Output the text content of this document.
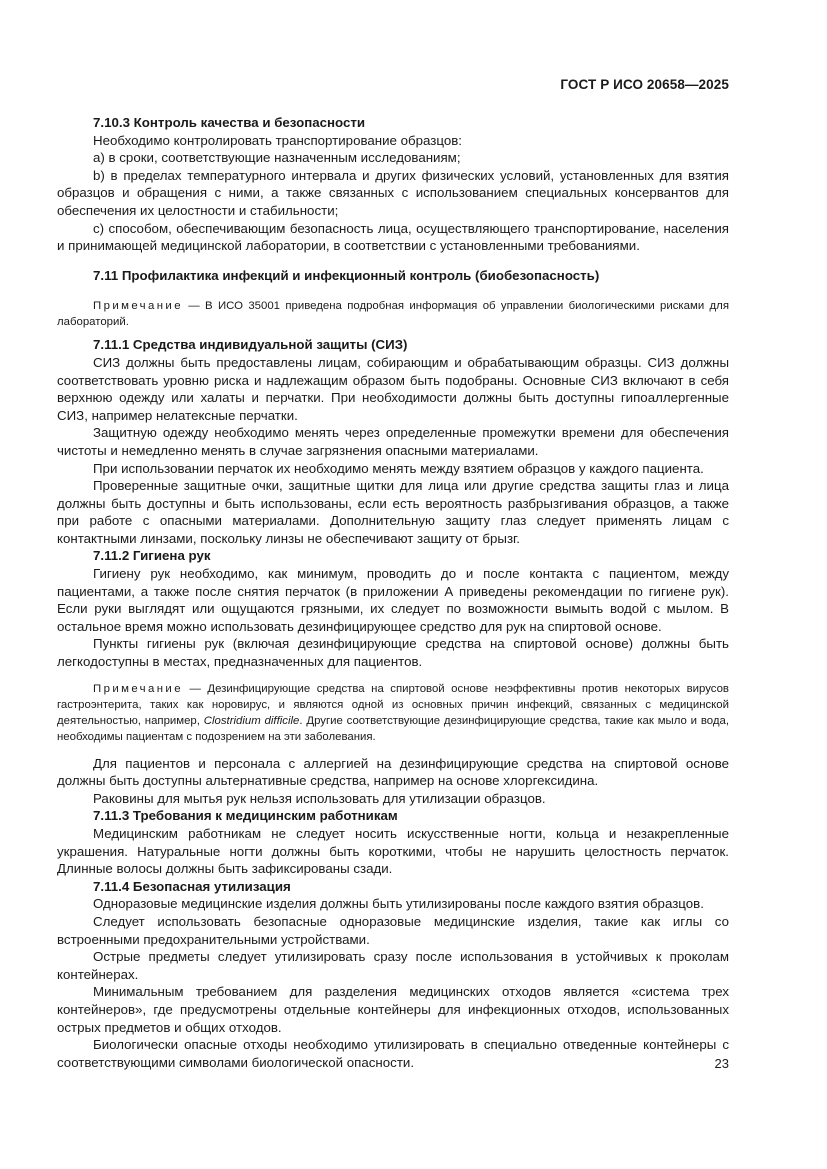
ГОСТ Р ИСО 20658—2025

7.10.3 Контроль качества и безопасности

Необходимо контролировать транспортирование образцов:

a) в сроки, соответствующие назначенным исследованиям;

b) в пределах температурного интервала и других физических условий, установленных для взятия образцов и обращения с ними, а также связанных с использованием специальных консервантов для обеспечения их целостности и стабильности;

c) способом, обеспечивающим безопасность лица, осуществляющего транспортирование, населения и принимающей медицинской лаборатории, в соответствии с установленными требованиями.

7.11 Профилактика инфекций и инфекционный контроль (биобезопасность)

Примечание — В ИСО 35001 приведена подробная информация об управлении биологическими рисками для лабораторий.

7.11.1 Средства индивидуальной защиты (СИЗ)

СИЗ должны быть предоставлены лицам, собирающим и обрабатывающим образцы. СИЗ должны соответствовать уровню риска и надлежащим образом быть подобраны. Основные СИЗ включают в себя верхнюю одежду или халаты и перчатки. При необходимости должны быть доступны гипоаллергенные СИЗ, например нелатексные перчатки.

Защитную одежду необходимо менять через определенные промежутки времени для обеспечения чистоты и немедленно менять в случае загрязнения опасными материалами.

При использовании перчаток их необходимо менять между взятием образцов у каждого пациента.

Проверенные защитные очки, защитные щитки для лица или другие средства защиты глаз и лица должны быть доступны и быть использованы, если есть вероятность разбрызгивания образцов, а также при работе с опасными материалами. Дополнительную защиту глаз следует применять лицам с контактными линзами, поскольку линзы не обеспечивают защиту от брызг.

7.11.2 Гигиена рук

Гигиену рук необходимо, как минимум, проводить до и после контакта с пациентом, между пациентами, а также после снятия перчаток (в приложении А приведены рекомендации по гигиене рук). Если руки выглядят или ощущаются грязными, их следует по возможности вымыть водой с мылом. В остальное время можно использовать дезинфицирующее средство для рук на спиртовой основе.

Пункты гигиены рук (включая дезинфицирующие средства на спиртовой основе) должны быть легкодоступны в местах, предназначенных для пациентов.

Примечание — Дезинфицирующие средства на спиртовой основе неэффективны против некоторых вирусов гастроэнтерита, таких как норовирус, и являются одной из основных причин инфекций, связанных с медицинской деятельностью, например, Clostridium difficile. Другие соответствующие дезинфицирующие средства, такие как мыло и вода, необходимы пациентам с подозрением на эти заболевания.

Для пациентов и персонала с аллергией на дезинфицирующие средства на спиртовой основе должны быть доступны альтернативные средства, например на основе хлоргексидина.

Раковины для мытья рук нельзя использовать для утилизации образцов.

7.11.3 Требования к медицинским работникам

Медицинским работникам не следует носить искусственные ногти, кольца и незакрепленные украшения. Натуральные ногти должны быть короткими, чтобы не нарушить целостность перчаток. Длинные волосы должны быть зафиксированы сзади.

7.11.4 Безопасная утилизация

Одноразовые медицинские изделия должны быть утилизированы после каждого взятия образцов.

Следует использовать безопасные одноразовые медицинские изделия, такие как иглы со встроенными предохранительными устройствами.

Острые предметы следует утилизировать сразу после использования в устойчивых к проколам контейнерах.

Минимальным требованием для разделения медицинских отходов является «система трех контейнеров», где предусмотрены отдельные контейнеры для инфекционных отходов, использованных острых предметов и общих отходов.

Биологически опасные отходы необходимо утилизировать в специально отведенные контейнеры с соответствующими символами биологической опасности.	23
